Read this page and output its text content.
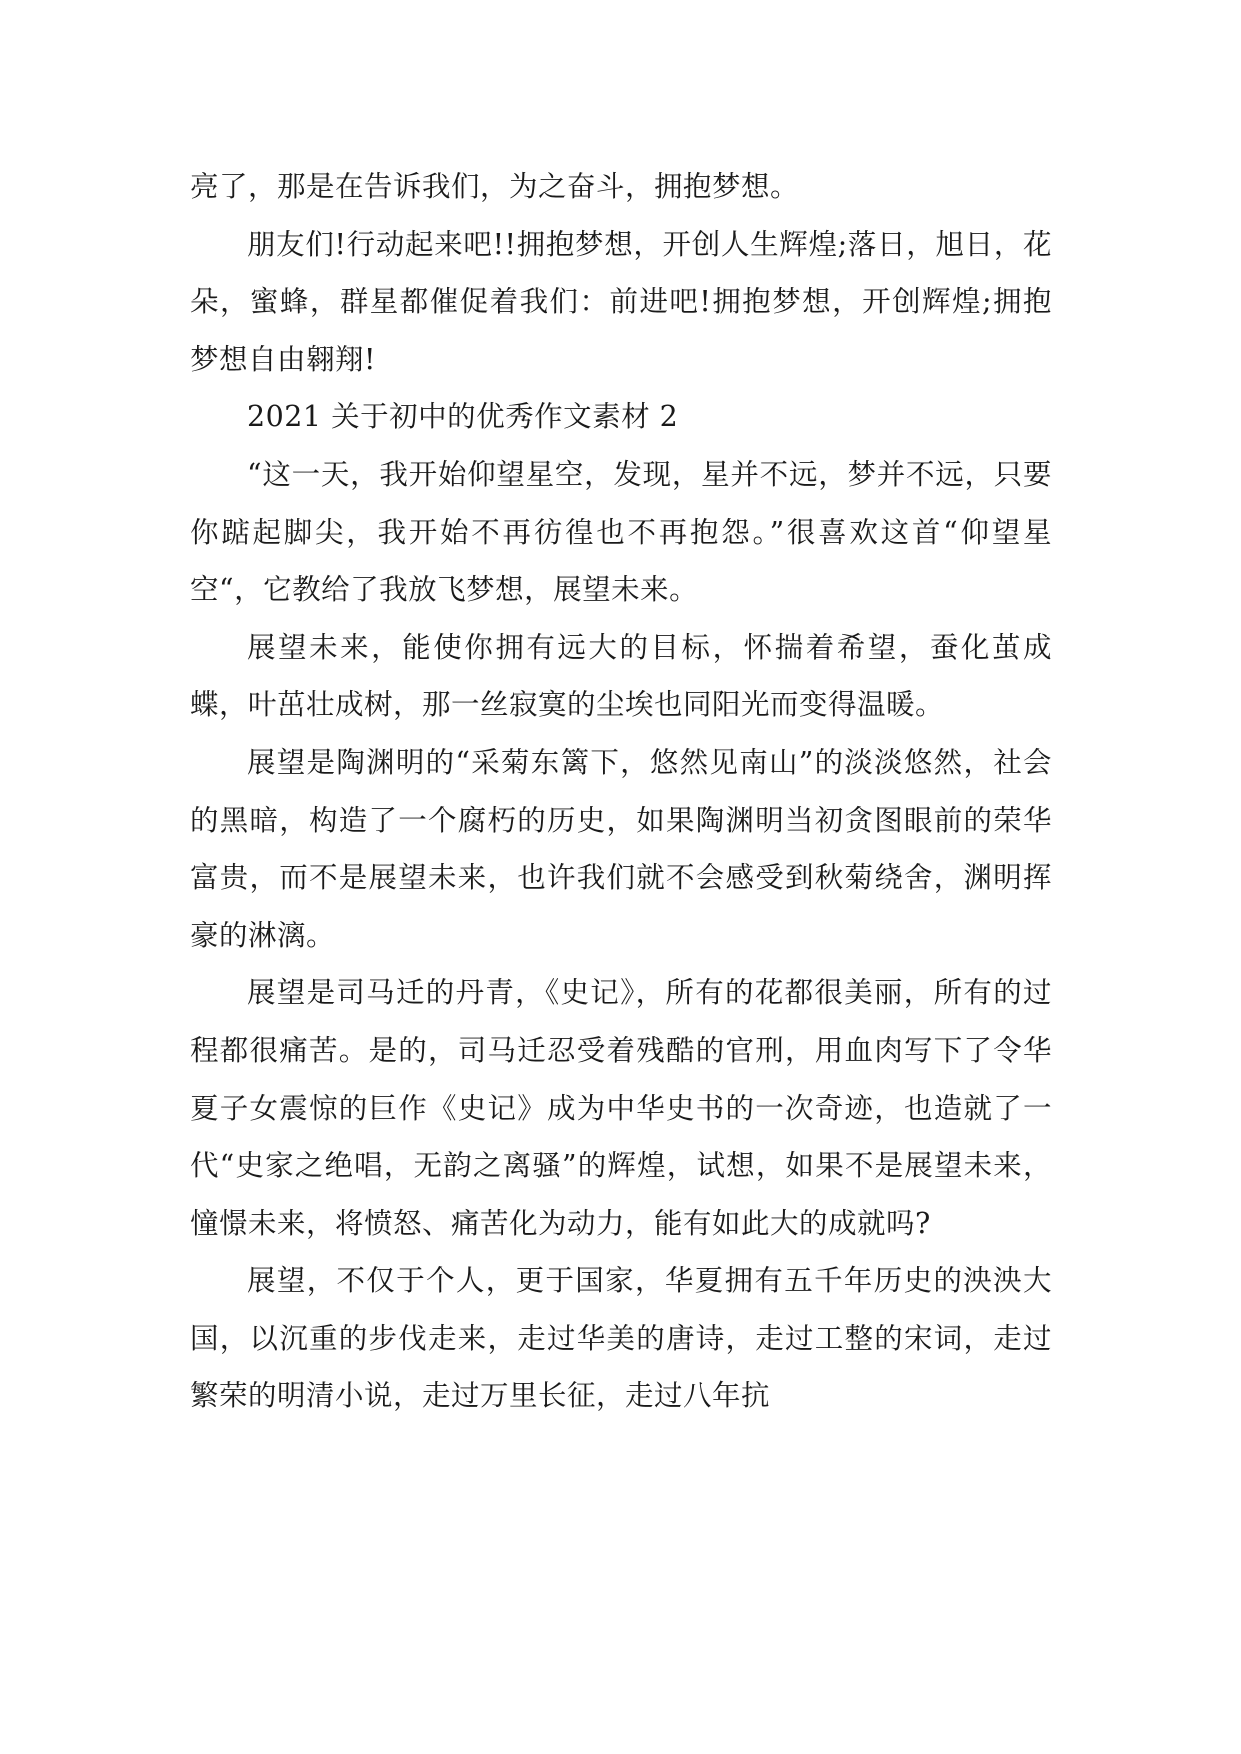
亮了，那是在告诉我们，为之奋斗，拥抱梦想。

朋友们!行动起来吧!!拥抱梦想，开创人生辉煌;落日，旭日，花朵，蜜蜂，群星都催促着我们：前进吧!拥抱梦想，开创辉煌;拥抱梦想自由翱翔!

2021 关于初中的优秀作文素材 2

“这一天，我开始仰望星空，发现，星并不远，梦并不远，只要你踮起脚尖，我开始不再彷徨也不再抱怨。”很喜欢这首“仰望星空“，它教给了我放飞梦想，展望未来。

展望未来，能使你拥有远大的目标，怀揣着希望，蚕化茧成蝶，叶茁壮成树，那一丝寂寞的尘埃也同阳光而变得温暖。

展望是陶渊明的“采菊东篱下，悠然见南山”的淡淡悠然，社会的黑暗，构造了一个腐朽的历史，如果陶渊明当初贪图眼前的荣华富贵，而不是展望未来，也许我们就不会感受到秋菊绕舍，渊明挥豪的淋漓。

展望是司马迁的丹青，《史记》，所有的花都很美丽，所有的过程都很痛苦。是的，司马迁忍受着残酷的官刑，用血肉写下了令华夏子女震惊的巨作《史记》成为中华史书的一次奇迹，也造就了一代“史家之绝唱，无韵之离骚”的辉煌，试想，如果不是展望未来，憧憬未来，将愤怒、痛苦化为动力，能有如此大的成就吗?

展望，不仅于个人，更于国家，华夏拥有五千年历史的泱泱大国，以沉重的步伐走来，走过华美的唐诗，走过工整的宋词，走过繁荣的明清小说，走过万里长征，走过八年抗
